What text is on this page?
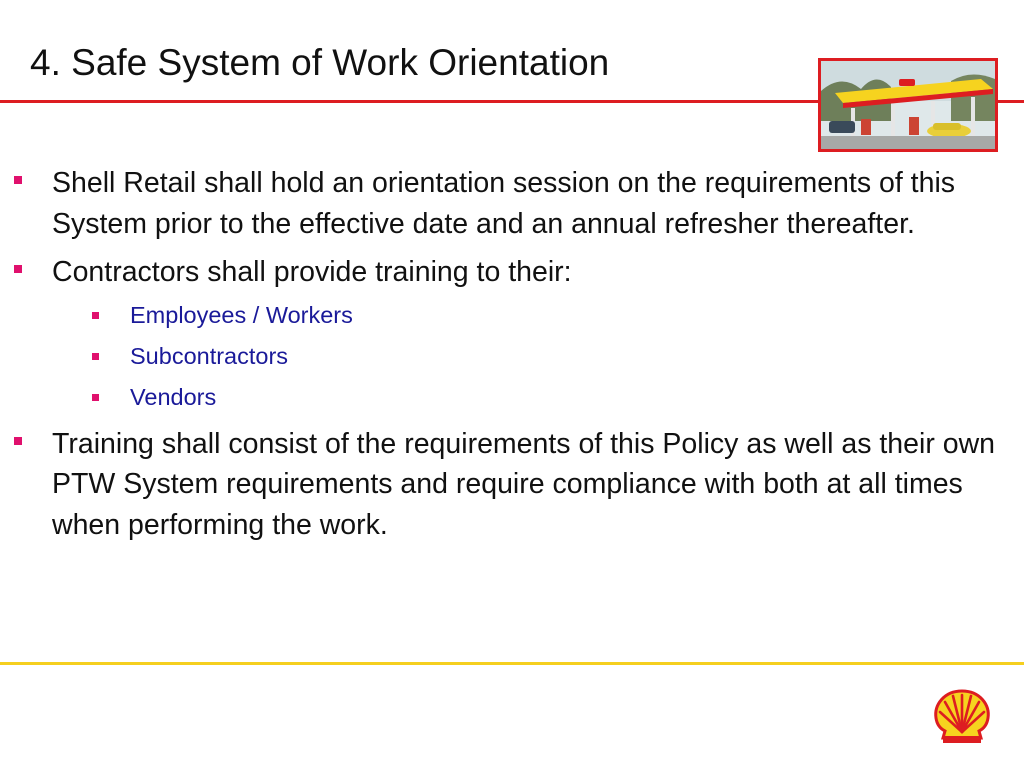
4. Safe System of Work Orientation
Shell Retail shall hold an orientation session on the requirements of this System prior to the effective date and an annual refresher thereafter.
Contractors shall provide training to their:
Employees / Workers
Subcontractors
Vendors
Training shall consist of the requirements of this Policy as well as their own PTW System requirements and require compliance with both at all times when performing the work.
